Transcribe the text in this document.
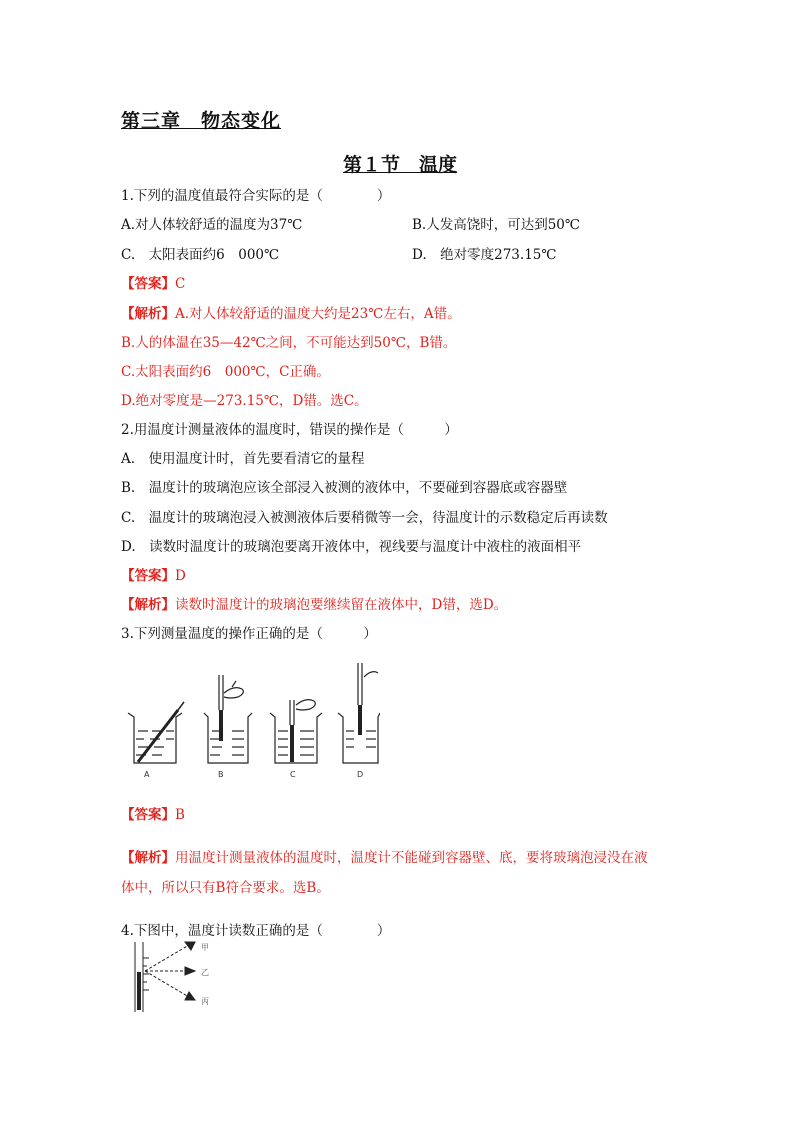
第三章　物态变化
第１节　温度
1.下列的温度值最符合实际的是（　　　　）
A.对人体较舒适的温度为37℃	B.人发高饶时，可达到50℃
C.　太阳表面约6　000℃	D.　绝对零度273.15℃
【答案】C
【解析】A.对人体较舒适的温度大约是23℃左右，A错。
B.人的体温在35—42℃之间，不可能达到50℃，B错。
C.太阳表面约6　000℃，C正确。
D.绝对零度是—273.15℃，D错。选C。
2.用温度计测量液体的温度时，错误的操作是（　　　）
A.　使用温度计时，首先要看清它的量程
B.　温度计的玻璃泡应该全部浸入被测的液体中，不要碰到容器底或容器壁
C.　温度计的玻璃泡浸入被测液体后要稍微等一会，待温度计的示数稳定后再读数
D.　读数时温度计的玻璃泡要离开液体中，视线要与温度计中液柱的液面相平
【答案】D
【解析】读数时温度计的玻璃泡要继续留在液体中，D错，选D。
3.下列测量温度的操作正确的是（　　　）
A	B	C	D
【答案】B
【解析】用温度计测量液体的温度时，温度计不能碰到容器壁、底，要将玻璃泡浸没在液
体中，所以只有B符合要求。选B。
4.下图中，温度计读数正确的是（　　　　）
甲
乙
丙
